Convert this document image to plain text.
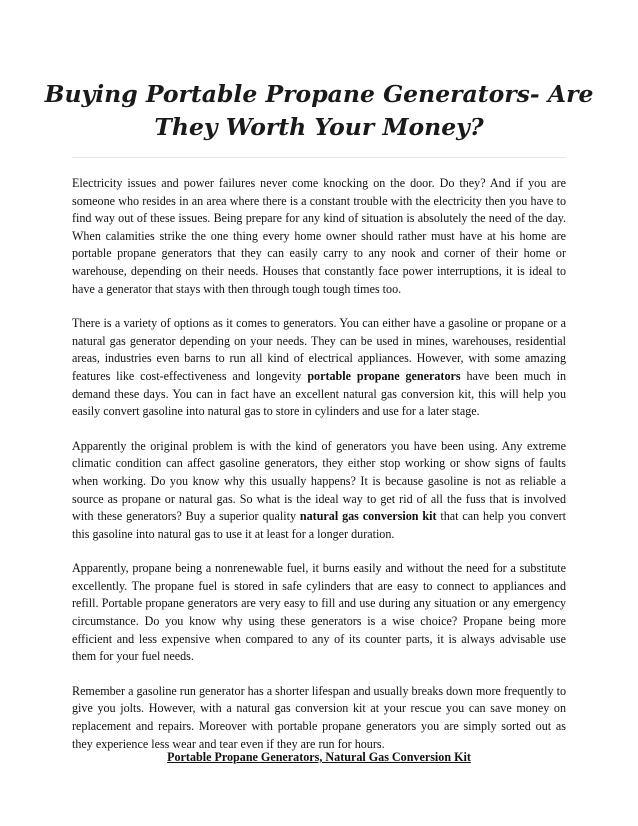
Buying Portable Propane Generators- Are They Worth Your Money?

Electricity issues and power failures never come knocking on the door. Do they? And if you are someone who resides in an area where there is a constant trouble with the electricity then you have to find way out of these issues. Being prepare for any kind of situation is absolutely the need of the day. When calamities strike the one thing every home owner should rather must have at his home are portable propane generators that they can easily carry to any nook and corner of their home or warehouse, depending on their needs. Houses that constantly face power interruptions, it is ideal to have a generator that stays with then through tough tough times too.

There is a variety of options as it comes to generators. You can either have a gasoline or propane or a natural gas generator depending on your needs. They can be used in mines, warehouses, residential areas, industries even barns to run all kind of electrical appliances. However, with some amazing features like cost-effectiveness and longevity portable propane generators have been much in demand these days. You can in fact have an excellent natural gas conversion kit, this will help you easily convert gasoline into natural gas to store in cylinders and use for a later stage.

Apparently the original problem is with the kind of generators you have been using. Any extreme climatic condition can affect gasoline generators, they either stop working or show signs of faults when working. Do you know why this usually happens? It is because gasoline is not as reliable a source as propane or natural gas. So what is the ideal way to get rid of all the fuss that is involved with these generators? Buy a superior quality natural gas conversion kit that can help you convert this gasoline into natural gas to use it at least for a longer duration.

Apparently, propane being a nonrenewable fuel, it burns easily and without the need for a substitute excellently. The propane fuel is stored in safe cylinders that are easy to connect to appliances and refill. Portable propane generators are very easy to fill and use during any situation or any emergency circumstance. Do you know why using these generators is a wise choice? Propane being more efficient and less expensive when compared to any of its counter parts, it is always advisable use them for your fuel needs.

Remember a gasoline run generator has a shorter lifespan and usually breaks down more frequently to give you jolts. However, with a natural gas conversion kit at your rescue you can save money on replacement and repairs. Moreover with portable propane generators you are simply sorted out as they experience less wear and tear even if they are run for hours.

Portable Propane Generators, Natural Gas Conversion Kit
